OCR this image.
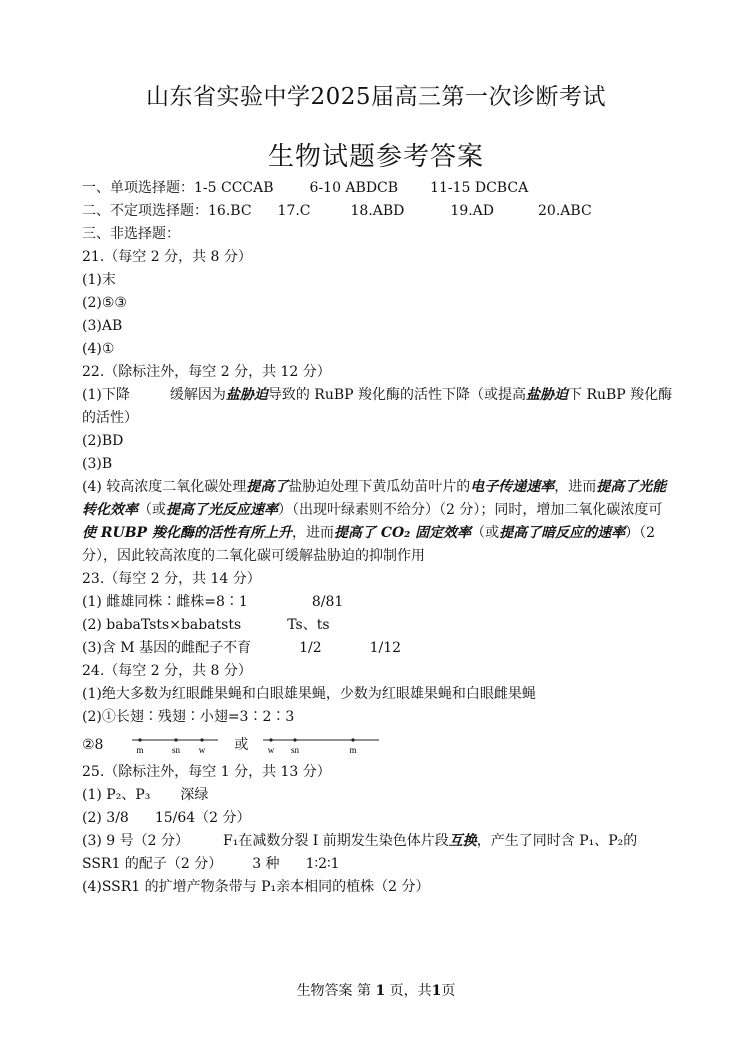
山东省实验中学2025届高三第一次诊断考试
生物试题参考答案
一、单项选择题：1-5 CCCAB	6-10 ABDCB 11-15 DCBCA
二、不定项选择题：16.BC 17.C	18.ABD	19.AD	20.ABC
三、非选择题：
21.（每空 2 分，共 8 分）
(1)末
(2)⑤③
(3)AB
(4)①
22.（除标注外，每空 2 分，共 12 分）
(1)下降	缓解因为盐胁迫导致的 RuBP 羧化酶的活性下降（或提高盐胁迫下 RuBP 羧化酶的活性）
(2)BD
(3)B
(4) 较高浓度二氧化碳处理提高了盐胁迫处理下黄瓜幼苗叶片的电子传递速率，进而提高了光能转化效率（或提高了光反应速率）（出现叶绿素则不给分）（2 分）；同时，增加二氧化碳浓度可使 RUBP 羧化酶的活性有所上升，进而提高了 CO₂ 固定效率（或提高了暗反应的速率）（2 分），因此较高浓度的二氧化碳可缓解盐胁迫的抑制作用
23.（每空 2 分，共 14 分）
(1) 雌雄同株∶雌株=8∶1	8/81
(2) babaTsts×babatsts	Ts、ts
(3)含 M 基因的雌配子不育	1/2	1/12
24.（每空 2 分，共 8 分）
(1)绝大多数为红眼雌果蝇和白眼雄果蝇，少数为红眼雄果蝇和白眼雌果蝇
(2)①长翅∶残翅∶小翅=3∶2∶3
②8	m	sn w 或 w sn	m
25.（除标注外，每空 1 分，共 13 分）
(1) P₂、P₃ 深绿
(2) 3/8 15/64（2 分）
(3) 9 号（2 分） F₁在减数分裂 I 前期发生染色体片段互换，产生了同时含 P₁、P₂的 SSR1 的配子（2 分） 3 种 1∶2∶1
(4)SSR1 的扩增产物条带与 P₁亲本相同的植株（2 分）
生物答案 第 1 页，共1页
